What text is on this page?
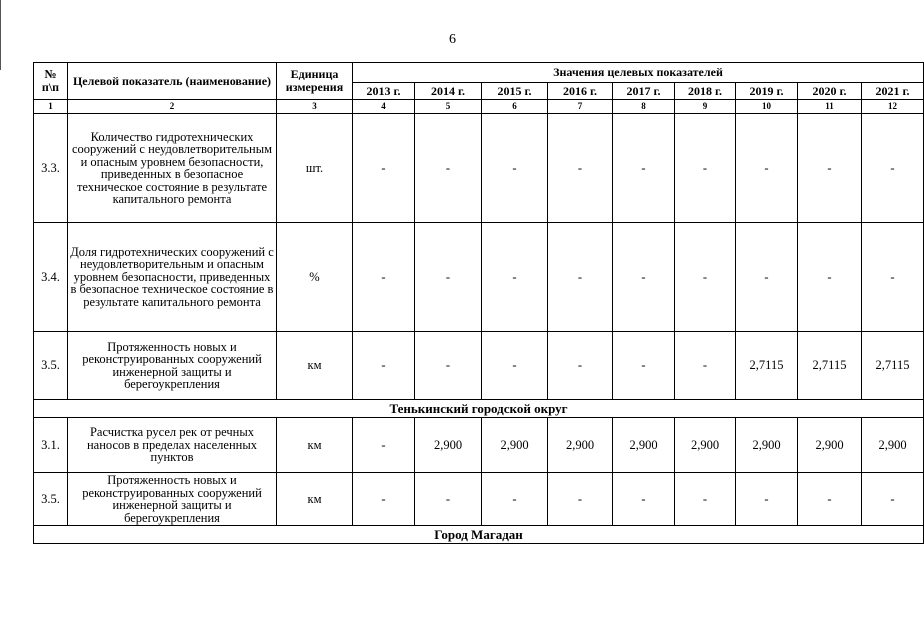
6
№ п\п	Целевой показатель (наименование)	Единица измерения	Значения целевых показателей								
			2013 г.	2014 г.	2015 г.	2016 г.	2017 г.	2018 г.	2019 г.	2020 г.	2021 г.
1	2	3	4	5	6	7	8	9	10	11	12
3.3.	Количество гидротехнических сооружений с неудовлетворительным и опасным уровнем безопасности, приведенных в безопасное техническое состояние в результате капитального ремонта	шт.	-	-	-	-	-	-	-	-	-
3.4.	Доля гидротехнических сооружений с неудовлетворительным и опасным уровнем безопасности, приведенных в безопасное техническое состояние в результате капитального ремонта	%	-	-	-	-	-	-	-	-	-
3.5.	Протяженность новых и реконструированных сооружений инженерной защиты и берегоукрепления	км	-	-	-	-	-	-	2,7115	2,7115	2,7115
Тенькинский городской округ											
3.1.	Расчистка русел рек от речных наносов в пределах населенных пунктов	км	-	2,900	2,900	2,900	2,900	2,900	2,900	2,900	2,900
3.5.	Протяженность новых и реконструированных сооружений инженерной защиты и берегоукрепления	км	-	-	-	-	-	-	-	-	-
Город Магадан											
